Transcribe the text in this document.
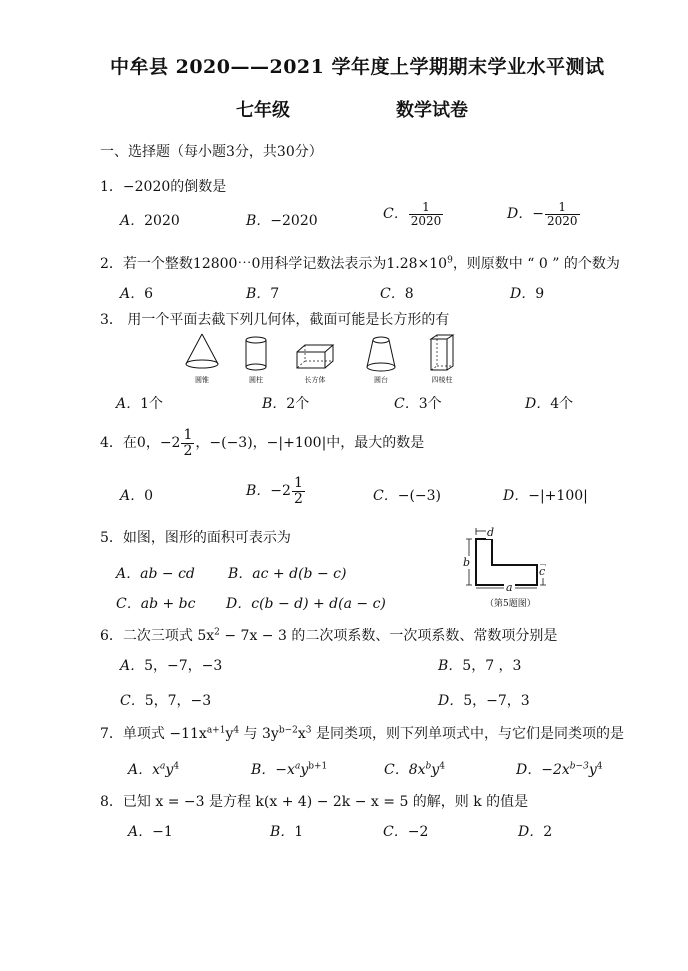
中牟县 2020——2021 学年度上学期期末学业水平测试
七年级	数学试卷
一、选择题（每小题3分，共30分）
1．−2020的倒数是
A．2020	B．−2020	C． $\frac{1}{2020}$	D．− $\frac{1}{2020}$
2．若一个整数12800⋯0用科学记数法表示为$1.28\times 10^9$，则原数中 “ 0 ” 的个数为
A．6	B．7	C．8	D．9
3． 用一个平面去截下列几何体，截面可能是长方形的有
圆锥	圆柱	长方体	圆台	四棱柱
A．1个	B．2个	C．3个	D．4个
4．在0，$-2 \frac{1}{2}$ ，−(−3)，−|+100|中，最大的数是
A．0	B．$-2 \frac{1}{2}$	C．−(−3)	D．−|+100|
5．如图，图形的面积可表示为
A．ab − cd B．ac + d(b − c)
C．ab + bc D．c(b − d) + d(a − c)
d
b
c
a
（第5题图）
6．二次三项式 $5x^2 - 7x - 3$ 的二次项系数、一次项系数、常数项分别是
A．5，−7，−3	B．5，7 ，3
C．5，7，−3	D．5，−7，3
7．单项式 $-11x^{a+1}y^4$ 与 $3y^{b-2}x^3$ 是同类项，则下列单项式中，与它们是同类项的是
A．$x^ay^4$	B．$-x^ay^{b+1}$	C．$8x^by^4$	D．$-2x^{b-3}y^4$
8．已知 x = −3 是方程 k(x + 4) − 2k − x = 5 的解，则 k 的值是
A．−1	B．1	C．−2	D．2
